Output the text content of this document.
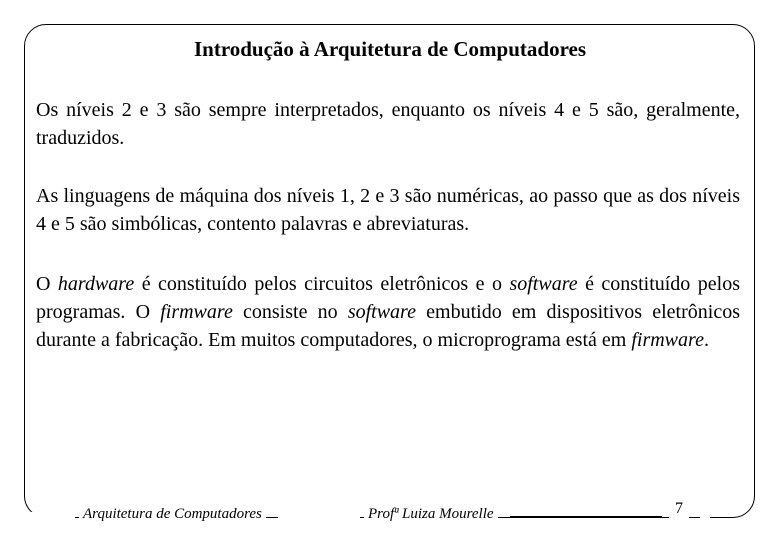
Introdução à Arquitetura de Computadores
Os níveis 2 e 3 são sempre interpretados, enquanto os níveis 4 e 5 são, geralmente, traduzidos.
As linguagens de máquina dos níveis 1, 2 e 3 são numéricas, ao passo que as dos níveis 4 e 5 são simbólicas, contento palavras e abreviaturas.
O hardware é constituído pelos circuitos eletrônicos e o software é constituído pelos programas. O firmware consiste no software embutido em dispositivos eletrônicos durante a fabricação. Em muitos computadores, o microprograma está em firmware.
Arquitetura de Computadores	Profª Luiza Mourelle	7
